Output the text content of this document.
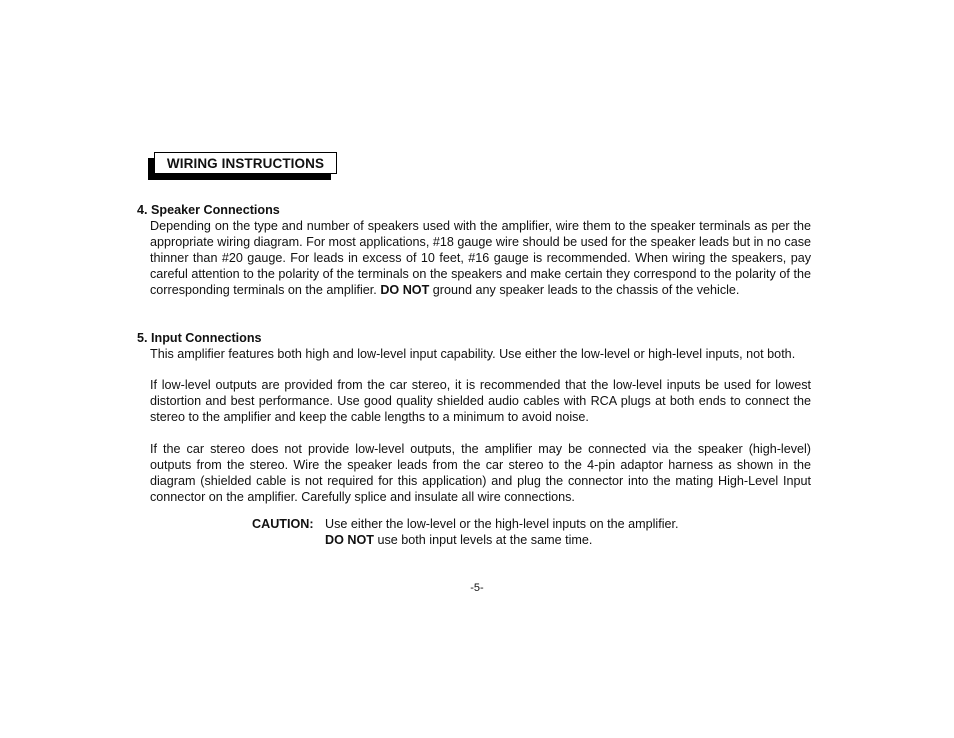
WIRING INSTRUCTIONS
4. Speaker Connections
Depending on the type and number of speakers used with the amplifier, wire them to the speaker terminals as per the appropriate wiring diagram. For most applications, #18 gauge wire should be used for the speaker leads but in no case thinner than #20 gauge. For leads in excess of 10 feet, #16 gauge is recommended. When wiring the speakers, pay careful attention to the polarity of the terminals on the speakers and make certain they correspond to the polarity of the corresponding terminals on the amplifier. DO NOT ground any speaker leads to the chassis of the vehicle.
5. Input Connections
This amplifier features both high and low-level input capability. Use either the low-level or high-level inputs, not both.
If low-level outputs are provided from the car stereo, it is recommended that the low-level inputs be used for lowest distortion and best performance. Use good quality shielded audio cables with RCA plugs at both ends to connect the stereo to the amplifier and keep the cable lengths to a minimum to avoid noise.
If the car stereo does not provide low-level outputs, the amplifier may be connected via the speaker (high-level) outputs from the stereo. Wire the speaker leads from the car stereo to the 4-pin adaptor harness as shown in the diagram (shielded cable is not required for this application) and plug the connector into the mating High-Level Input connector on the amplifier. Carefully splice and insulate all wire connections.
CAUTION: Use either the low-level or the high-level inputs on the amplifier.
DO NOT use both input levels at the same time.
-5-
